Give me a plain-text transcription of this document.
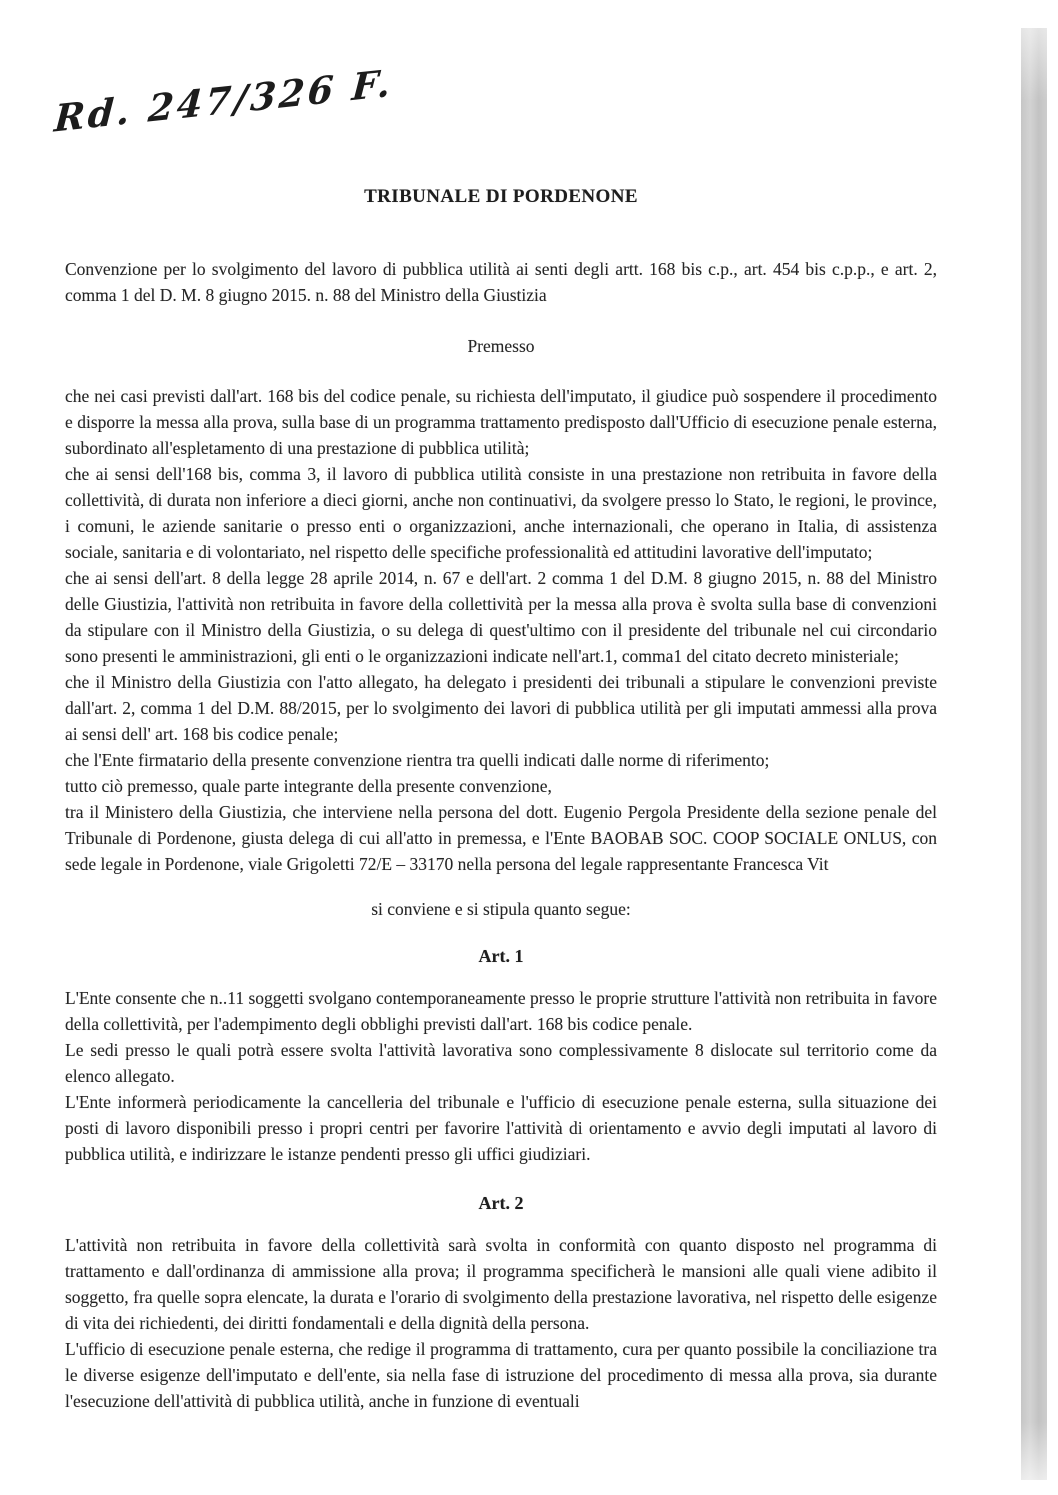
Rd. 247/326 F.
TRIBUNALE DI PORDENONE

Convenzione per lo svolgimento del lavoro di pubblica utilità ai senti degli artt. 168 bis c.p., art. 454 bis c.p.p., e art. 2, comma 1 del D. M. 8 giugno 2015. n. 88 del Ministro della Giustizia

Premesso

che nei casi previsti dall'art. 168 bis del codice penale, su richiesta dell'imputato, il giudice può sospendere il procedimento e disporre la messa alla prova, sulla base di un programma trattamento predisposto dall'Ufficio di esecuzione penale esterna, subordinato all'espletamento di una prestazione di pubblica utilità;

che ai sensi dell'168 bis, comma 3, il lavoro di pubblica utilità consiste in una prestazione non retribuita in favore della collettività, di durata non inferiore a dieci giorni, anche non continuativi, da svolgere presso lo Stato, le regioni, le province, i comuni, le aziende sanitarie o presso enti o organizzazioni, anche internazionali, che operano in Italia, di assistenza sociale, sanitaria e di volontariato, nel rispetto delle specifiche professionalità ed attitudini lavorative dell'imputato;

che ai sensi dell'art. 8 della legge 28 aprile 2014, n. 67 e dell'art. 2 comma 1 del D.M. 8 giugno 2015, n. 88 del Ministro delle Giustizia, l'attività non retribuita in favore della collettività per la messa alla prova è svolta sulla base di convenzioni da stipulare con il Ministro della Giustizia, o su delega di quest'ultimo con il presidente del tribunale nel cui circondario sono presenti le amministrazioni, gli enti o le organizzazioni indicate nell'art.1, comma1 del citato decreto ministeriale;

che il Ministro della Giustizia con l'atto allegato, ha delegato i presidenti dei tribunali a stipulare le convenzioni previste dall'art. 2, comma 1 del D.M. 88/2015, per lo svolgimento dei lavori di pubblica utilità per gli imputati ammessi alla prova ai sensi dell' art. 168 bis codice penale;

che l'Ente firmatario della presente convenzione rientra tra quelli indicati dalle norme di riferimento;

tutto ciò premesso, quale parte integrante della presente convenzione,

tra il Ministero della Giustizia, che interviene nella persona del dott. Eugenio Pergola Presidente della sezione penale del Tribunale di Pordenone, giusta delega di cui all'atto in premessa, e l'Ente BAOBAB SOC. COOP SOCIALE ONLUS, con sede legale in Pordenone, viale Grigoletti 72/E – 33170 nella persona del legale rappresentante Francesca Vit

si conviene e si stipula quanto segue:
Art. 1

L'Ente consente che n..11 soggetti svolgano contemporaneamente presso le proprie strutture l'attività non retribuita in favore della collettività, per l'adempimento degli obblighi previsti dall'art. 168 bis codice penale.

Le sedi presso le quali potrà essere svolta l'attività lavorativa sono complessivamente 8 dislocate sul territorio come da elenco allegato.

L'Ente informerà periodicamente la cancelleria del tribunale e l'ufficio di esecuzione penale esterna, sulla situazione dei posti di lavoro disponibili presso i propri centri per favorire l'attività di orientamento e avvio degli imputati al lavoro di pubblica utilità, e indirizzare le istanze pendenti presso gli uffici giudiziari.

Art. 2

L'attività non retribuita in favore della collettività sarà svolta in conformità con quanto disposto nel programma di trattamento e dall'ordinanza di ammissione alla prova; il programma specificherà le mansioni alle quali viene adibito il soggetto, fra quelle sopra elencate, la durata e l'orario di svolgimento della prestazione lavorativa, nel rispetto delle esigenze di vita dei richiedenti, dei diritti fondamentali e della dignità della persona.

L'ufficio di esecuzione penale esterna, che redige il programma di trattamento, cura per quanto possibile la conciliazione tra le diverse esigenze dell'imputato e dell'ente, sia nella fase di istruzione del procedimento di messa alla prova, sia durante l'esecuzione dell'attività di pubblica utilità, anche in funzione di eventuali
